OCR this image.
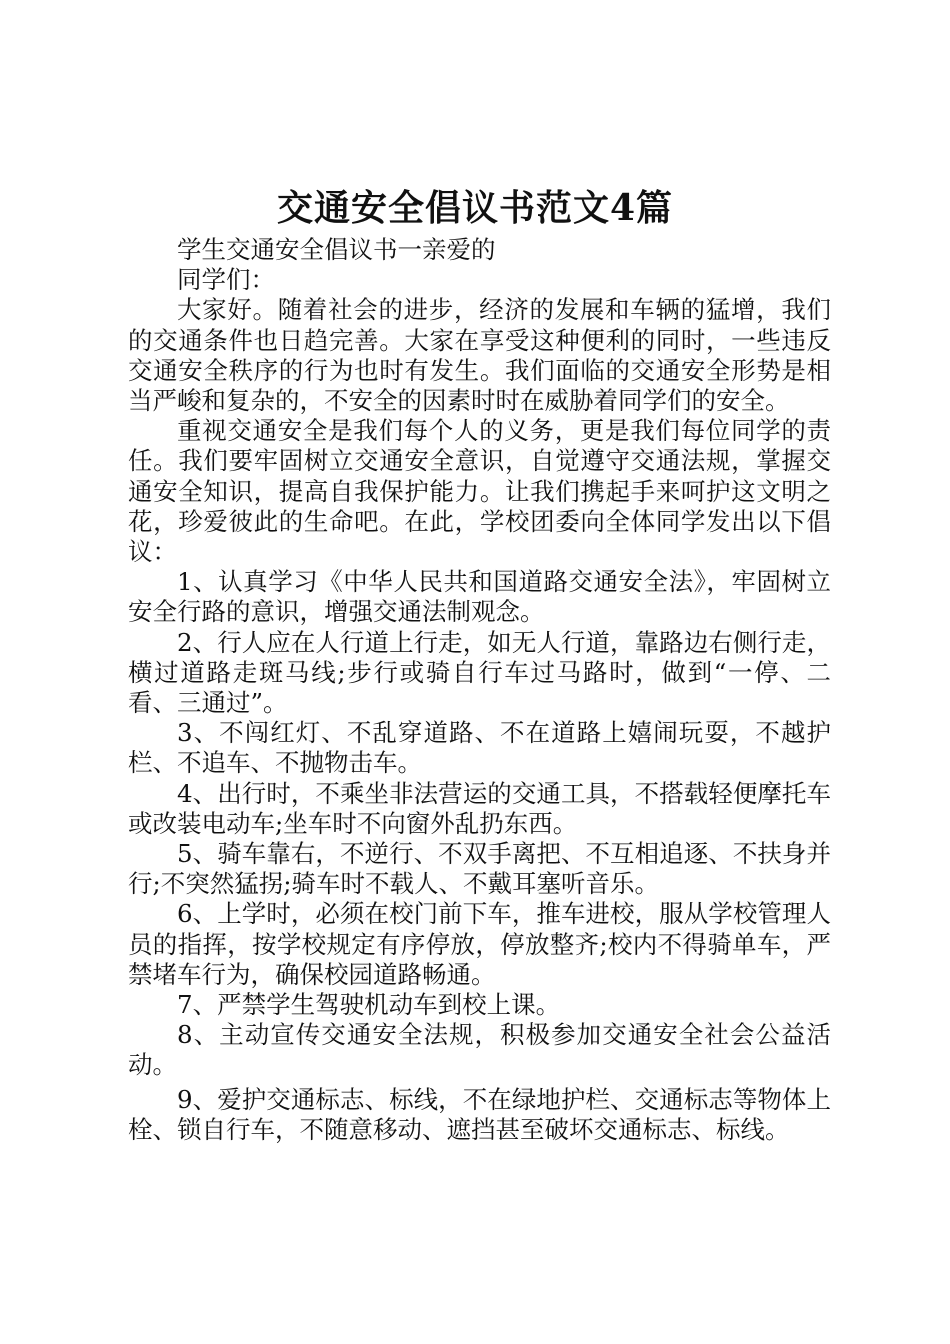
交通安全倡议书范文4篇

学生交通安全倡议书一亲爱的

同学们：

大家好。随着社会的进步，经济的发展和车辆的猛增，我们的交通条件也日趋完善。大家在享受这种便利的同时，一些违反交通安全秩序的行为也时有发生。我们面临的交通安全形势是相当严峻和复杂的，不安全的因素时时在威胁着同学们的安全。

重视交通安全是我们每个人的义务，更是我们每位同学的责任。我们要牢固树立交通安全意识，自觉遵守交通法规，掌握交通安全知识，提高自我保护能力。让我们携起手来呵护这文明之花，珍爱彼此的生命吧。在此，学校团委向全体同学发出以下倡议：

1、认真学习《中华人民共和国道路交通安全法》，牢固树立安全行路的意识，增强交通法制观念。

2、行人应在人行道上行走，如无人行道，靠路边右侧行走，横过道路走斑马线;步行或骑自行车过马路时，做到“一停、二看、三通过”。

3、不闯红灯、不乱穿道路、不在道路上嬉闹玩耍，不越护栏、不追车、不抛物击车。

4、出行时，不乘坐非法营运的交通工具，不搭载轻便摩托车或改装电动车;坐车时不向窗外乱扔东西。

5、骑车靠右，不逆行、不双手离把、不互相追逐、不扶身并行;不突然猛拐;骑车时不载人、不戴耳塞听音乐。

6、上学时，必须在校门前下车，推车进校，服从学校管理人员的指挥，按学校规定有序停放，停放整齐;校内不得骑单车，严禁堵车行为，确保校园道路畅通。

7、严禁学生驾驶机动车到校上课。

8、主动宣传交通安全法规，积极参加交通安全社会公益活动。

9、爱护交通标志、标线，不在绿地护栏、交通标志等物体上栓、锁自行车，不随意移动、遮挡甚至破坏交通标志、标线。
